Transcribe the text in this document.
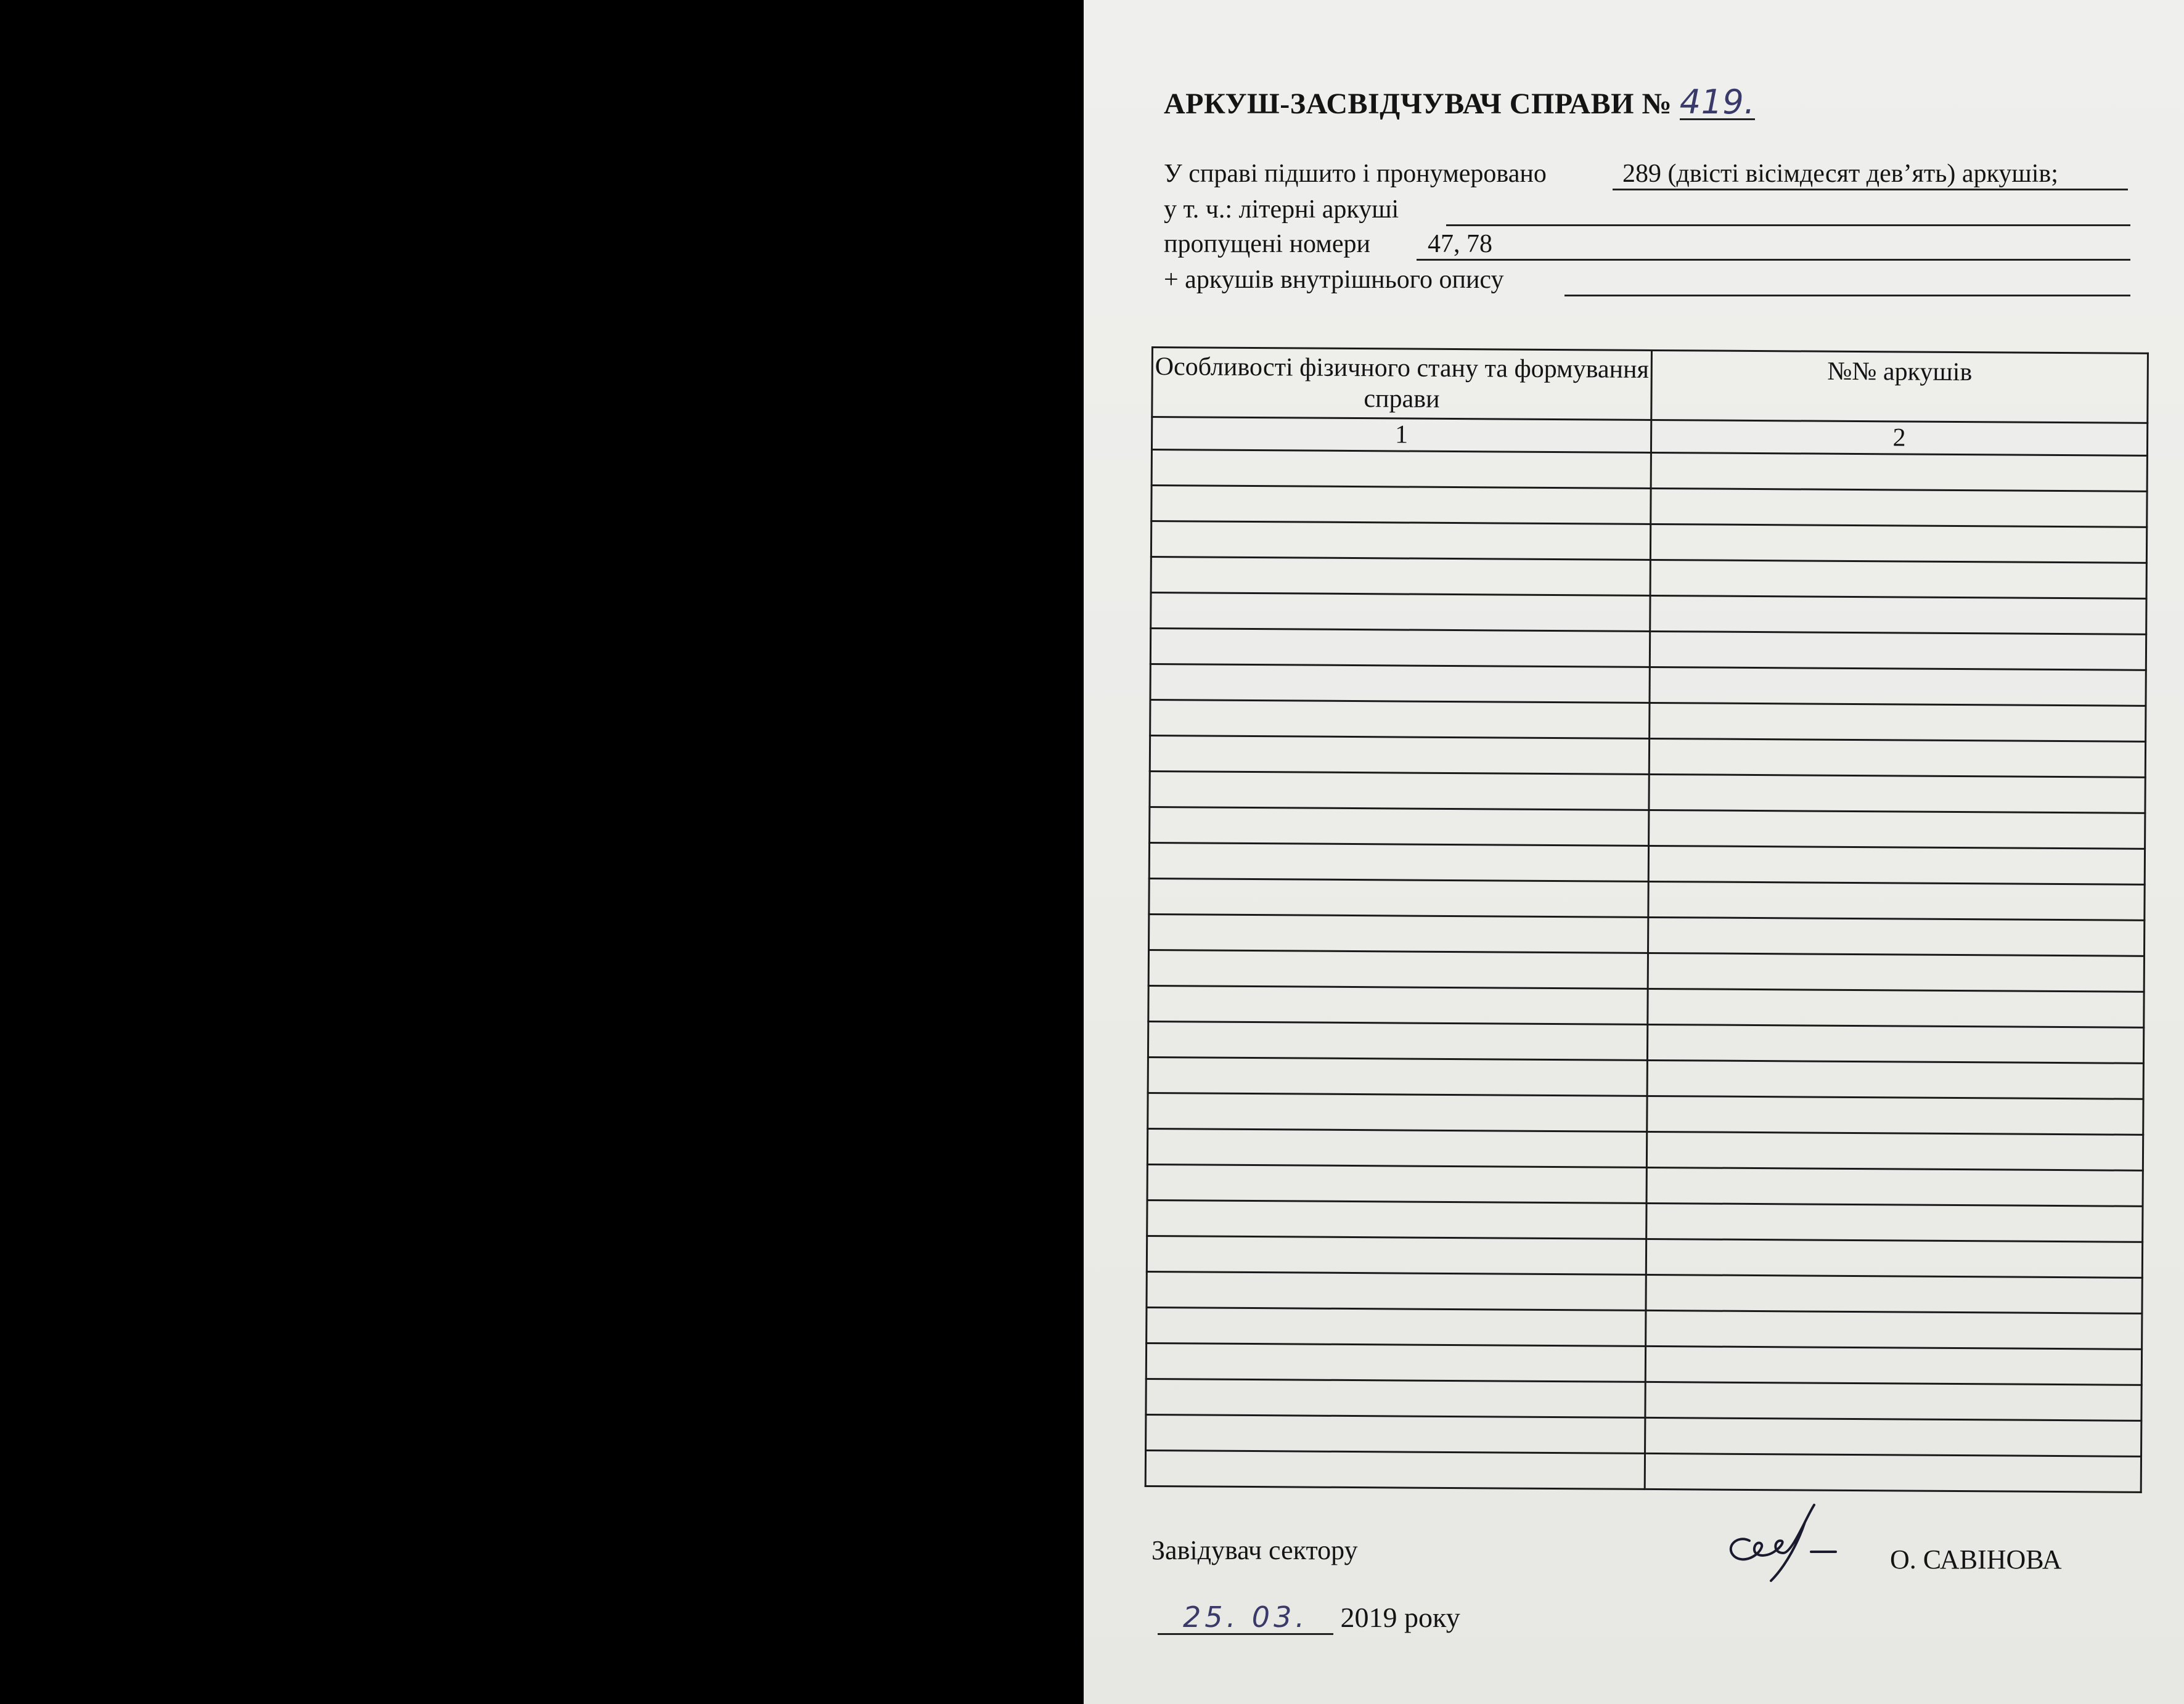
АРКУШ-ЗАСВІДЧУВАЧ СПРАВИ № 419.
У справі підшито і пронумеровано	289 (двісті вісімдесят дев’ять) аркушів;
у т. ч.: літерні аркуші
пропущені номери	47, 78
+ аркушів внутрішнього опису
Особливості фізичного стану та формування справи	№№ аркушів
1	2

Завідувач сектору	О. САВІНОВА
25. 03. 2019 року
